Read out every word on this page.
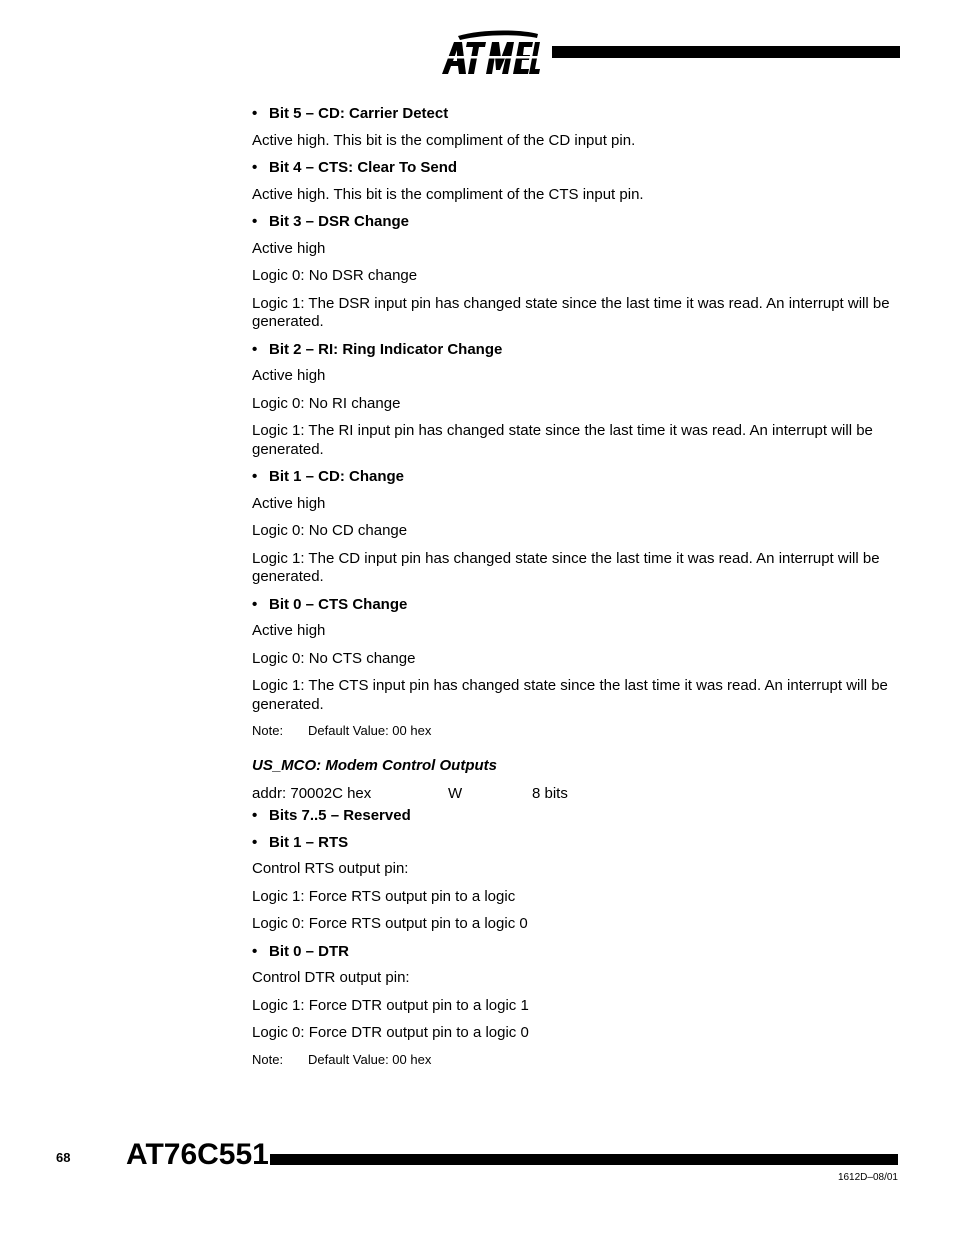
ATMEL
• Bit 5 – CD: Carrier Detect
Active high. This bit is the compliment of the CD input pin.
• Bit 4 – CTS: Clear To Send
Active high. This bit is the compliment of the CTS input pin.
• Bit 3 – DSR Change
Active high
Logic 0: No DSR change
Logic 1: The DSR input pin has changed state since the last time it was read. An interrupt will be generated.
• Bit 2 – RI: Ring Indicator Change
Active high
Logic 0: No RI change
Logic 1: The RI input pin has changed state since the last time it was read. An interrupt will be generated.
• Bit 1 – CD: Change
Active high
Logic 0: No CD change
Logic 1: The CD input pin has changed state since the last time it was read. An interrupt will be generated.
• Bit 0 – CTS Change
Active high
Logic 0: No CTS change
Logic 1: The CTS input pin has changed state since the last time it was read. An interrupt will be generated.
Note:	Default Value: 00 hex
US_MCO: Modem Control Outputs
addr: 70002C hex	W	8 bits
• Bits 7..5 – Reserved
• Bit 1 – RTS
Control RTS output pin:
Logic 1: Force RTS output pin to a logic
Logic 0: Force RTS output pin to a logic 0
• Bit 0 – DTR
Control DTR output pin:
Logic 1: Force DTR output pin to a logic 1
Logic 0: Force DTR output pin to a logic 0
Note:	Default Value: 00 hex
68 AT76C551
1612D–08/01
